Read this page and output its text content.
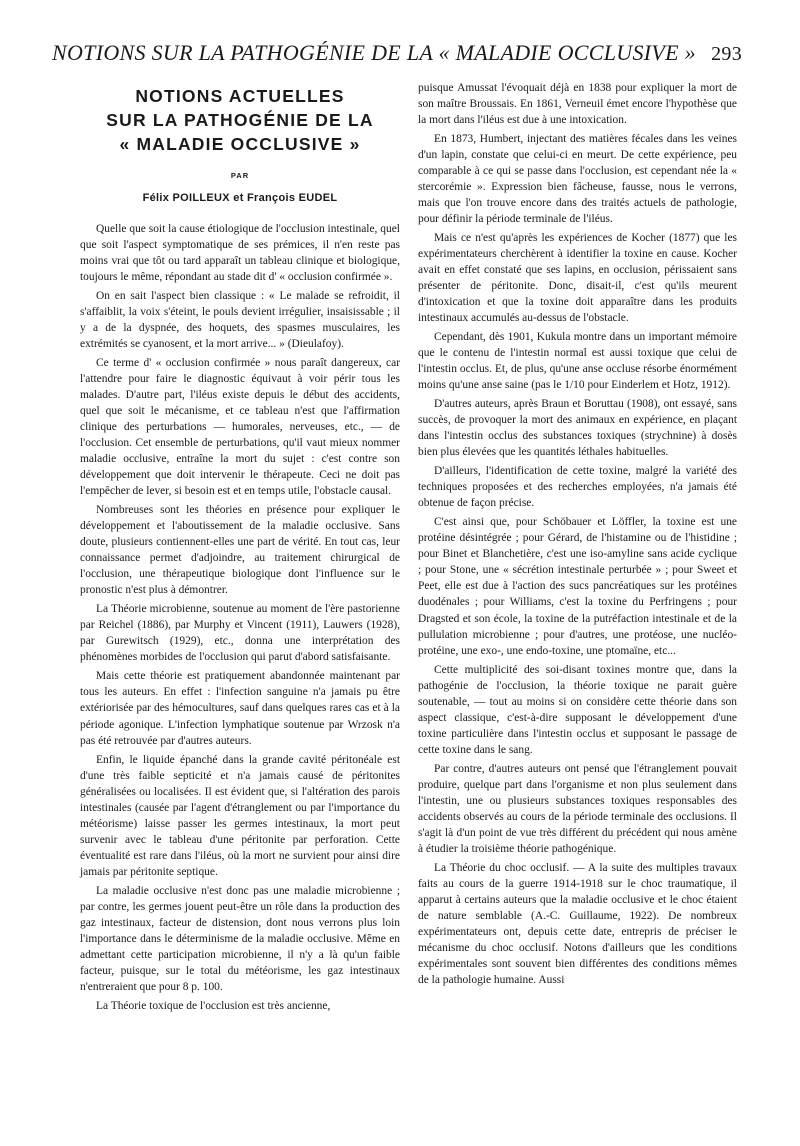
NOTIONS SUR LA PATHOGÉNIE DE LA « MALADIE OCCLUSIVE » 293
NOTIONS ACTUELLES
SUR LA PATHOGÉNIE DE LA
« MALADIE OCCLUSIVE »
PAR
Félix POILLEUX et François EUDEL

Quelle que soit la cause étiologique de l'occlusion intestinale, quel que soit l'aspect symptomatique de ses prémices, il n'en reste pas moins vrai que tôt ou tard apparaît un tableau clinique et biologique, toujours le même, répondant au stade dit d' « occlusion confirmée ».

On en sait l'aspect bien classique : « Le malade se refroidit, il s'affaiblit, la voix s'éteint, le pouls devient irrégulier, insaisissable ; il y a de la dyspnée, des hoquets, des spasmes musculaires, les extrémités se cyanosent, et la mort arrive... » (Dieulafoy).

Ce terme d' « occlusion confirmée » nous paraît dangereux, car l'attendre pour faire le diagnostic équivaut à voir périr tous les malades. D'autre part, l'iléus existe depuis le début des accidents, quel que soit le mécanisme, et ce tableau n'est que l'affirmation clinique des perturbations — humorales, nerveuses, etc., — de l'occlusion. Cet ensemble de perturbations, qu'il vaut mieux nommer maladie occlusive, entraîne la mort du sujet : c'est contre son développement que doit intervenir le thérapeute. Ceci ne doit pas l'empêcher de lever, si besoin est et en temps utile, l'obstacle causal.

Nombreuses sont les théories en présence pour expliquer le développement et l'aboutissement de la maladie occlusive. Sans doute, plusieurs contiennent-elles une part de vérité. En tout cas, leur connaissance permet d'adjoindre, au traitement chirurgical de l'occlusion, une thérapeutique biologique dont l'influence sur le pronostic n'est plus à démontrer.

La Théorie microbienne, soutenue au moment de l'ère pastorienne par Reichel (1886), par Murphy et Vincent (1911), Lauwers (1928), par Gurewitsch (1929), etc., donna une interprétation des phénomènes morbides de l'occlusion qui parut d'abord satisfaisante.

Mais cette théorie est pratiquement abandonnée maintenant par tous les auteurs. En effet : l'infection sanguine n'a jamais pu être extériorisée par des hémocultures, sauf dans quelques rares cas et à la période agonique. L'infection lymphatique soutenue par Wrzosk n'a pas été retrouvée par d'autres auteurs.

Enfin, le liquide épanché dans la grande cavité péritonéale est d'une très faible septicité et n'a jamais causé de péritonites généralisées ou localisées. Il est évident que, si l'altération des parois intestinales (causée par l'agent d'étranglement ou par l'importance du météorisme) laisse passer les germes intestinaux, la mort peut survenir avec le tableau d'une péritonite par perforation. Cette éventualité est rare dans l'iléus, où la mort ne survient pour ainsi dire jamais par péritonite septique.

La maladie occlusive n'est donc pas une maladie microbienne ; par contre, les germes jouent peut-être un rôle dans la production des gaz intestinaux, facteur de distension, dont nous verrons plus loin l'importance dans le déterminisme de la maladie occlusive. Même en admettant cette participation microbienne, il n'y a là qu'un faible facteur, puisque, sur le total du météorisme, les gaz intestinaux n'entreraient que pour 8 p. 100.

La Théorie toxique de l'occlusion est très ancienne,

puisque Amussat l'évoquait déjà en 1838 pour expliquer la mort de son maître Broussais. En 1861, Verneuil émet encore l'hypothèse que la mort dans l'iléus est due à une intoxication.

En 1873, Humbert, injectant des matières fécales dans les veines d'un lapin, constate que celui-ci en meurt. De cette expérience, peu comparable à ce qui se passe dans l'occlusion, est cependant née la « stercorémie ». Expression bien fâcheuse, fausse, nous le verrons, mais que l'on trouve encore dans des traités actuels de pathologie, pour définir la période terminale de l'iléus.

Mais ce n'est qu'après les expériences de Kocher (1877) que les expérimentateurs cherchèrent à identifier la toxine en cause. Kocher avait en effet constaté que ses lapins, en occlusion, périssaient sans présenter de péritonite. Donc, disait-il, c'est qu'ils meurent d'intoxication et que la toxine doit apparaître dans les produits intestinaux accumulés au-dessus de l'obstacle.

Cependant, dès 1901, Kukula montre dans un important mémoire que le contenu de l'intestin normal est aussi toxique que celui de l'intestin occlus. Et, de plus, qu'une anse occluse résorbe énormément moins qu'une anse saine (pas le 1/10 pour Einderlem et Hotz, 1912).

D'autres auteurs, après Braun et Boruttau (1908), ont essayé, sans succès, de provoquer la mort des animaux en expérience, en plaçant dans l'intestin occlus des substances toxiques (strychnine) à dosès bien plus élevées que les quantités léthales habituelles.

D'ailleurs, l'identification de cette toxine, malgré la variété des techniques proposées et des recherches employées, n'a jamais été obtenue de façon précise.

C'est ainsi que, pour Schöbauer et Löffler, la toxine est une protéine désintégrée ; pour Gérard, de l'histamine ou de l'histidine ; pour Binet et Blanchetière, c'est une iso-amyline sans acide cyclique ; pour Stone, une « sécrétion intestinale perturbée » ; pour Sweet et Peet, elle est due à l'action des sucs pancréatiques sur les protéines duodénales ; pour Williams, c'est la toxine du Perfringens ; pour Dragsted et son école, la toxine de la putréfaction intestinale et de la pullulation microbienne ; pour d'autres, une protéose, une nucléo-protéine, une exo-, une endo-toxine, une ptomaïne, etc...

Cette multiplicité des soi-disant toxines montre que, dans la pathogénie de l'occlusion, la théorie toxique ne parait guère soutenable, — tout au moins si on considère cette théorie dans son aspect classique, c'est-à-dire supposant le développement d'une toxine particulière dans l'intestin occlus et supposant le passage de cette toxine dans le sang.

Par contre, d'autres auteurs ont pensé que l'étranglement pouvait produire, quelque part dans l'organisme et non plus seulement dans l'intestin, une ou plusieurs substances toxiques responsables des accidents observés au cours de la période terminale des occlusions. Il s'agit là d'un point de vue très différent du précédent qui nous amène à étudier la troisième théorie pathogénique.

La Théorie du choc occlusif. — A la suite des multiples travaux faits au cours de la guerre 1914-1918 sur le choc traumatique, il apparut à certains auteurs que la maladie occlusive et le choc étaient de nature semblable (A.-C. Guillaume, 1922). De nombreux expérimentateurs ont, depuis cette date, entrepris de préciser le mécanisme du choc occlusif. Notons d'ailleurs que les conditions expérimentales sont souvent bien différentes des conditions mêmes de la pathologie humaine. Aussi
